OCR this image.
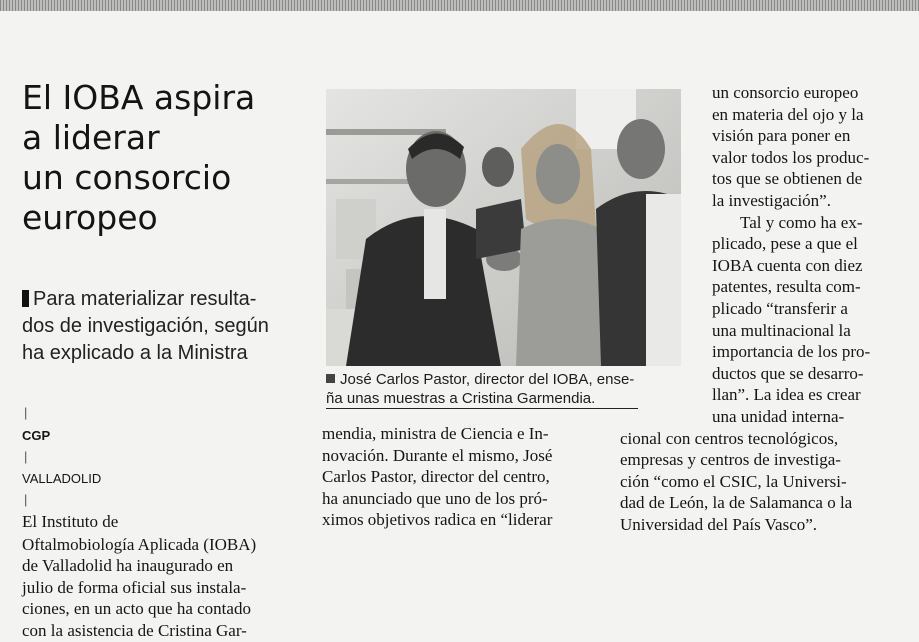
El IOBA aspira
a liderar
un consorcio
europeo
Para materializar resulta-
dos de investigación, según
ha explicado a la Ministra
|
CGP
|
VALLADOLID
|
El Instituto de
Oftalmobiología Aplicada (IOBA)
de Valladolid ha inaugurado en
julio de forma oficial sus instala-
ciones, en un acto que ha contado
con la asistencia de Cristina Gar-
mendia, ministra de Ciencia e In-
novación. Durante el mismo, José
Carlos Pastor, director del centro,
ha anunciado que uno de los pró-
ximos objetivos radica en “liderar
José Carlos Pastor, director del IOBA, ense-
ña unas muestras a Cristina Garmendia.
un consorcio europeo
en materia del ojo y la
visión para poner en
valor todos los produc-
tos que se obtienen de
la investigación”.
Tal y como ha ex-
plicado, pese a que el
IOBA cuenta con diez
patentes, resulta com-
plicado “transferir a
una multinacional la
importancia de los pro-
ductos que se desarro-
llan”. La idea es crear
una unidad interna-
cional con centros tecnológicos,
empresas y centros de investiga-
ción “como el CSIC, la Universi-
dad de León, la de Salamanca o la
Universidad del País Vasco”.
